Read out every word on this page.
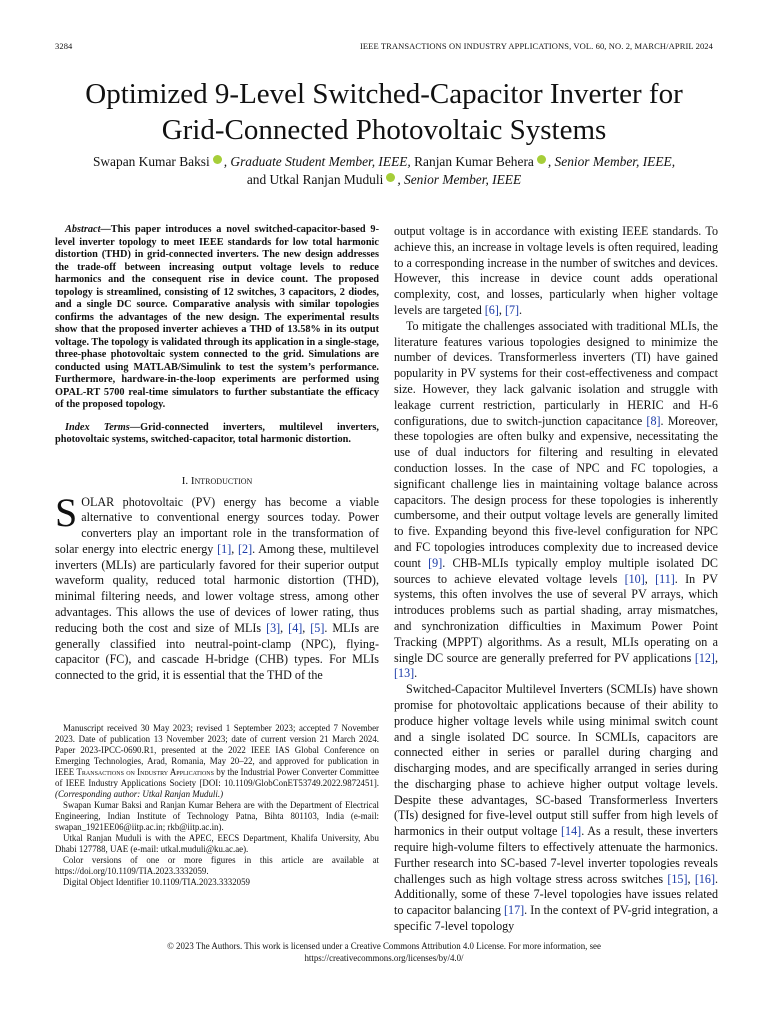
3284	IEEE TRANSACTIONS ON INDUSTRY APPLICATIONS, VOL. 60, NO. 2, MARCH/APRIL 2024
Optimized 9-Level Switched-Capacitor Inverter for
Grid-Connected Photovoltaic Systems
Swapan Kumar Baksi , Graduate Student Member, IEEE, Ranjan Kumar Behera , Senior Member, IEEE,
and Utkal Ranjan Muduli , Senior Member, IEEE

Abstract—This paper introduces a novel switched-capacitor-based 9-level inverter topology to meet IEEE standards for low total harmonic distortion (THD) in grid-connected inverters. The new design addresses the trade-off between increasing output voltage levels to reduce harmonics and the consequent rise in device count. The proposed topology is streamlined, consisting of 12 switches, 3 capacitors, 2 diodes, and a single DC source. Comparative analysis with similar topologies confirms the advantages of the new design. The experimental results show that the proposed inverter achieves a THD of 13.58% in its output voltage. The topology is validated through its application in a single-stage, three-phase photovoltaic system connected to the grid. Simulations are conducted using MATLAB/Simulink to test the system’s performance. Furthermore, hardware-in-the-loop experiments are performed using OPAL-RT 5700 real-time simulators to further substantiate the efficacy of the proposed topology.

Index Terms—Grid-connected inverters, multilevel inverters, photovoltaic systems, switched-capacitor, total harmonic distortion.

I. Introduction

SOLAR photovoltaic (PV) energy has become a viable alternative to conventional energy sources today. Power converters play an important role in the transformation of solar energy into electric energy [1], [2]. Among these, multilevel inverters (MLIs) are particularly favored for their superior output waveform quality, reduced total harmonic distortion (THD), minimal filtering needs, and lower voltage stress, among other advantages. This allows the use of devices of lower rating, thus reducing both the cost and size of MLIs [3], [4], [5]. MLIs are generally classified into neutral-point-clamp (NPC), flying-capacitor (FC), and cascade H-bridge (CHB) types. For MLIs connected to the grid, it is essential that the THD of the

Manuscript received 30 May 2023; revised 1 September 2023; accepted 7 November 2023. Date of publication 13 November 2023; date of current version 21 March 2024. Paper 2023-IPCC-0690.R1, presented at the 2022 IEEE IAS Global Conference on Emerging Technologies, Arad, Romania, May 20–22, and approved for publication in IEEE Transactions on Industry Applications by the Industrial Power Converter Committee of IEEE Industry Applications Society [DOI: 10.1109/GlobConET53749.2022.9872451]. (Corresponding author: Utkal Ranjan Muduli.)

Swapan Kumar Baksi and Ranjan Kumar Behera are with the Department of Electrical Engineering, Indian Institute of Technology Patna, Bihta 801103, India (e-mail: swapan_1921EE06@iitp.ac.in; rkb@iitp.ac.in).

Utkal Ranjan Muduli is with the APEC, EECS Department, Khalifa University, Abu Dhabi 127788, UAE (e-mail: utkal.muduli@ku.ac.ae).

Color versions of one or more figures in this article are available at https://doi.org/10.1109/TIA.2023.3332059.

Digital Object Identifier 10.1109/TIA.2023.3332059

output voltage is in accordance with existing IEEE standards. To achieve this, an increase in voltage levels is often required, leading to a corresponding increase in the number of switches and devices. However, this increase in device count adds operational complexity, cost, and losses, particularly when higher voltage levels are targeted [6], [7].

To mitigate the challenges associated with traditional MLIs, the literature features various topologies designed to minimize the number of devices. Transformerless inverters (TI) have gained popularity in PV systems for their cost-effectiveness and compact size. However, they lack galvanic isolation and struggle with leakage current restriction, particularly in HERIC and H-6 configurations, due to switch-junction capacitance [8]. Moreover, these topologies are often bulky and expensive, necessitating the use of dual inductors for filtering and resulting in elevated conduction losses. In the case of NPC and FC topologies, a significant challenge lies in maintaining voltage balance across capacitors. The design process for these topologies is inherently cumbersome, and their output voltage levels are generally limited to five. Expanding beyond this five-level configuration for NPC and FC topologies introduces complexity due to increased device count [9]. CHB-MLIs typically employ multiple isolated DC sources to achieve elevated voltage levels [10], [11]. In PV systems, this often involves the use of several PV arrays, which introduces problems such as partial shading, array mismatches, and synchronization difficulties in Maximum Power Point Tracking (MPPT) algorithms. As a result, MLIs operating on a single DC source are generally preferred for PV applications [12], [13].

Switched-Capacitor Multilevel Inverters (SCMLIs) have shown promise for photovoltaic applications because of their ability to produce higher voltage levels while using minimal switch count and a single isolated DC source. In SCMLIs, capacitors are connected either in series or parallel during charging and discharging modes, and are specifically arranged in series during the discharging phase to achieve higher output voltage levels. Despite these advantages, SC-based Transformerless Inverters (TIs) designed for five-level output still suffer from high levels of harmonics in their output voltage [14]. As a result, these inverters require high-volume filters to effectively attenuate the harmonics. Further research into SC-based 7-level inverter topologies reveals challenges such as high voltage stress across switches [15], [16]. Additionally, some of these 7-level topologies have issues related to capacitor balancing [17]. In the context of PV-grid integration, a specific 7-level topology

© 2023 The Authors. This work is licensed under a Creative Commons Attribution 4.0 License. For more information, see
https://creativecommons.org/licenses/by/4.0/
